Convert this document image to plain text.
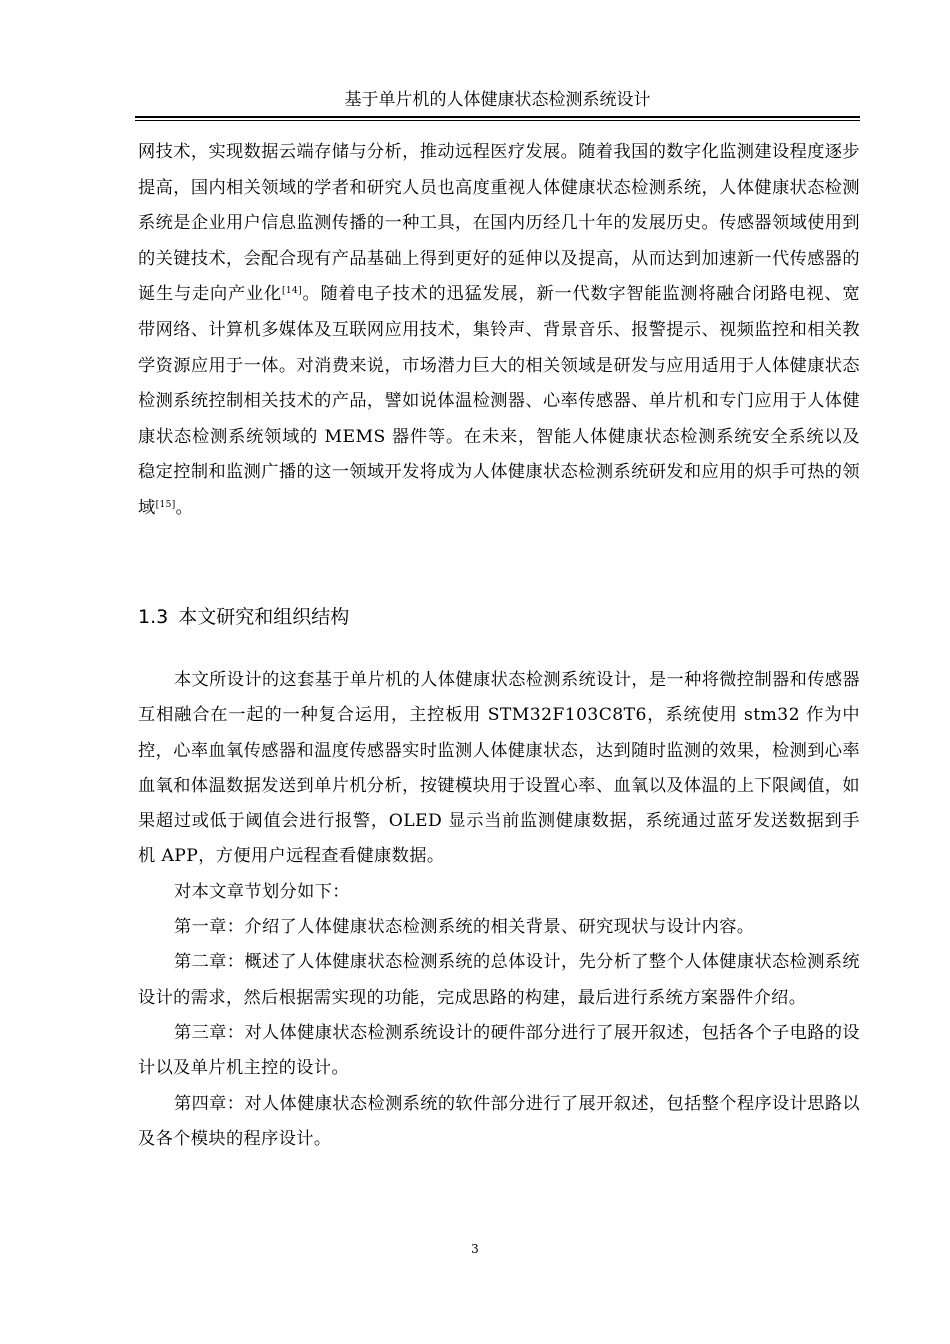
基于单片机的人体健康状态检测系统设计

网技术，实现数据云端存储与分析，推动远程医疗发展。随着我国的数字化监测建设程度逐步提高，国内相关领域的学者和研究人员也高度重视人体健康状态检测系统，人体健康状态检测系统是企业用户信息监测传播的一种工具，在国内历经几十年的发展历史。传感器领域使用到的关键技术，会配合现有产品基础上得到更好的延伸以及提高，从而达到加速新一代传感器的诞生与走向产业化[14]。随着电子技术的迅猛发展，新一代数字智能监测将融合闭路电视、宽带网络、计算机多媒体及互联网应用技术，集铃声、背景音乐、报警提示、视频监控和相关教学资源应用于一体。对消费来说，市场潜力巨大的相关领域是研发与应用适用于人体健康状态检测系统控制相关技术的产品，譬如说体温检测器、心率传感器、单片机和专门应用于人体健康状态检测系统领域的 MEMS 器件等。在未来，智能人体健康状态检测系统安全系统以及稳定控制和监测广播的这一领域开发将成为人体健康状态检测系统研发和应用的炽手可热的领域[15]。

1.3 本文研究和组织结构

本文所设计的这套基于单片机的人体健康状态检测系统设计，是一种将微控制器和传感器互相融合在一起的一种复合运用，主控板用 STM32F103C8T6，系统使用 stm32 作为中控，心率血氧传感器和温度传感器实时监测人体健康状态，达到随时监测的效果，检测到心率血氧和体温数据发送到单片机分析，按键模块用于设置心率、血氧以及体温的上下限阈值，如果超过或低于阈值会进行报警，OLED 显示当前监测健康数据，系统通过蓝牙发送数据到手机 APP，方便用户远程查看健康数据。

对本文章节划分如下：

第一章：介绍了人体健康状态检测系统的相关背景、研究现状与设计内容。

第二章：概述了人体健康状态检测系统的总体设计，先分析了整个人体健康状态检测系统设计的需求，然后根据需实现的功能，完成思路的构建，最后进行系统方案器件介绍。

第三章：对人体健康状态检测系统设计的硬件部分进行了展开叙述，包括各个子电路的设计以及单片机主控的设计。

第四章：对人体健康状态检测系统的软件部分进行了展开叙述，包括整个程序设计思路以及各个模块的程序设计。

3
